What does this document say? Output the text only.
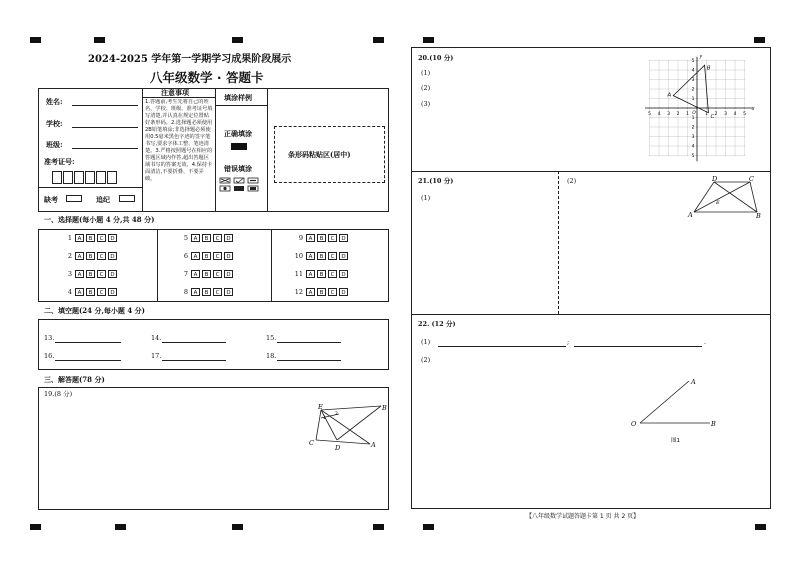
2024-2025 学年第一学期学习成果阶段展示
八年级数学 · 答题卡
姓名:
学校:
班级:
准考证号:
缺考	追纪
注意事项
1.答题前,考生先将自己的姓名、学校、班级、准考证号填写清楚,并认真在规定位置贴好条形码。2.选择题必须使用2B铅笔填涂;非选择题必须使用0.5毫米黑色字迹的签字笔书写,要求字体工整、笔迹清楚。3.严格按照题号在相应的答题区域内作答,超出答题区域书写的答案无效。4.保持卡面清洁,不要折叠、不要弄破。
填涂样例
正确填涂
错误填涂
条形码粘贴区(居中)
一、选择题(每小题 4 分,共 48 分)
1	A	B	C	D
2	A	B	C	D
3	A	B	C	D
4	A	B	C	D
5	A	B	C	D
6	A	B	C	D
7	A	B	C	D
8	A	B	C	D
9	A	B	C	D
10	A	B	C	D
11	A	B	C	D
12	A	B	C	D
二、填空题(24 分,每小题 4 分)
13.	14.	15.
16.	17.	18.
三、解答题(78 分)
19.(8 分)
E	B
C
D	A
1
2
20.(10 分)
(1)
(2)
(3)
x
y
O
5 4 3 2 1	1 2 3 4 5
5
4
3
2
1
1
2
3
4
5
A
B
C
21.(10 分)
(1)
(2)	D	C
A	B
E
22. (12 分)
(1)	;	.
(2)
A
O	B
图1
【八年级数学试题答题卡第 1 页 共 2 页】
